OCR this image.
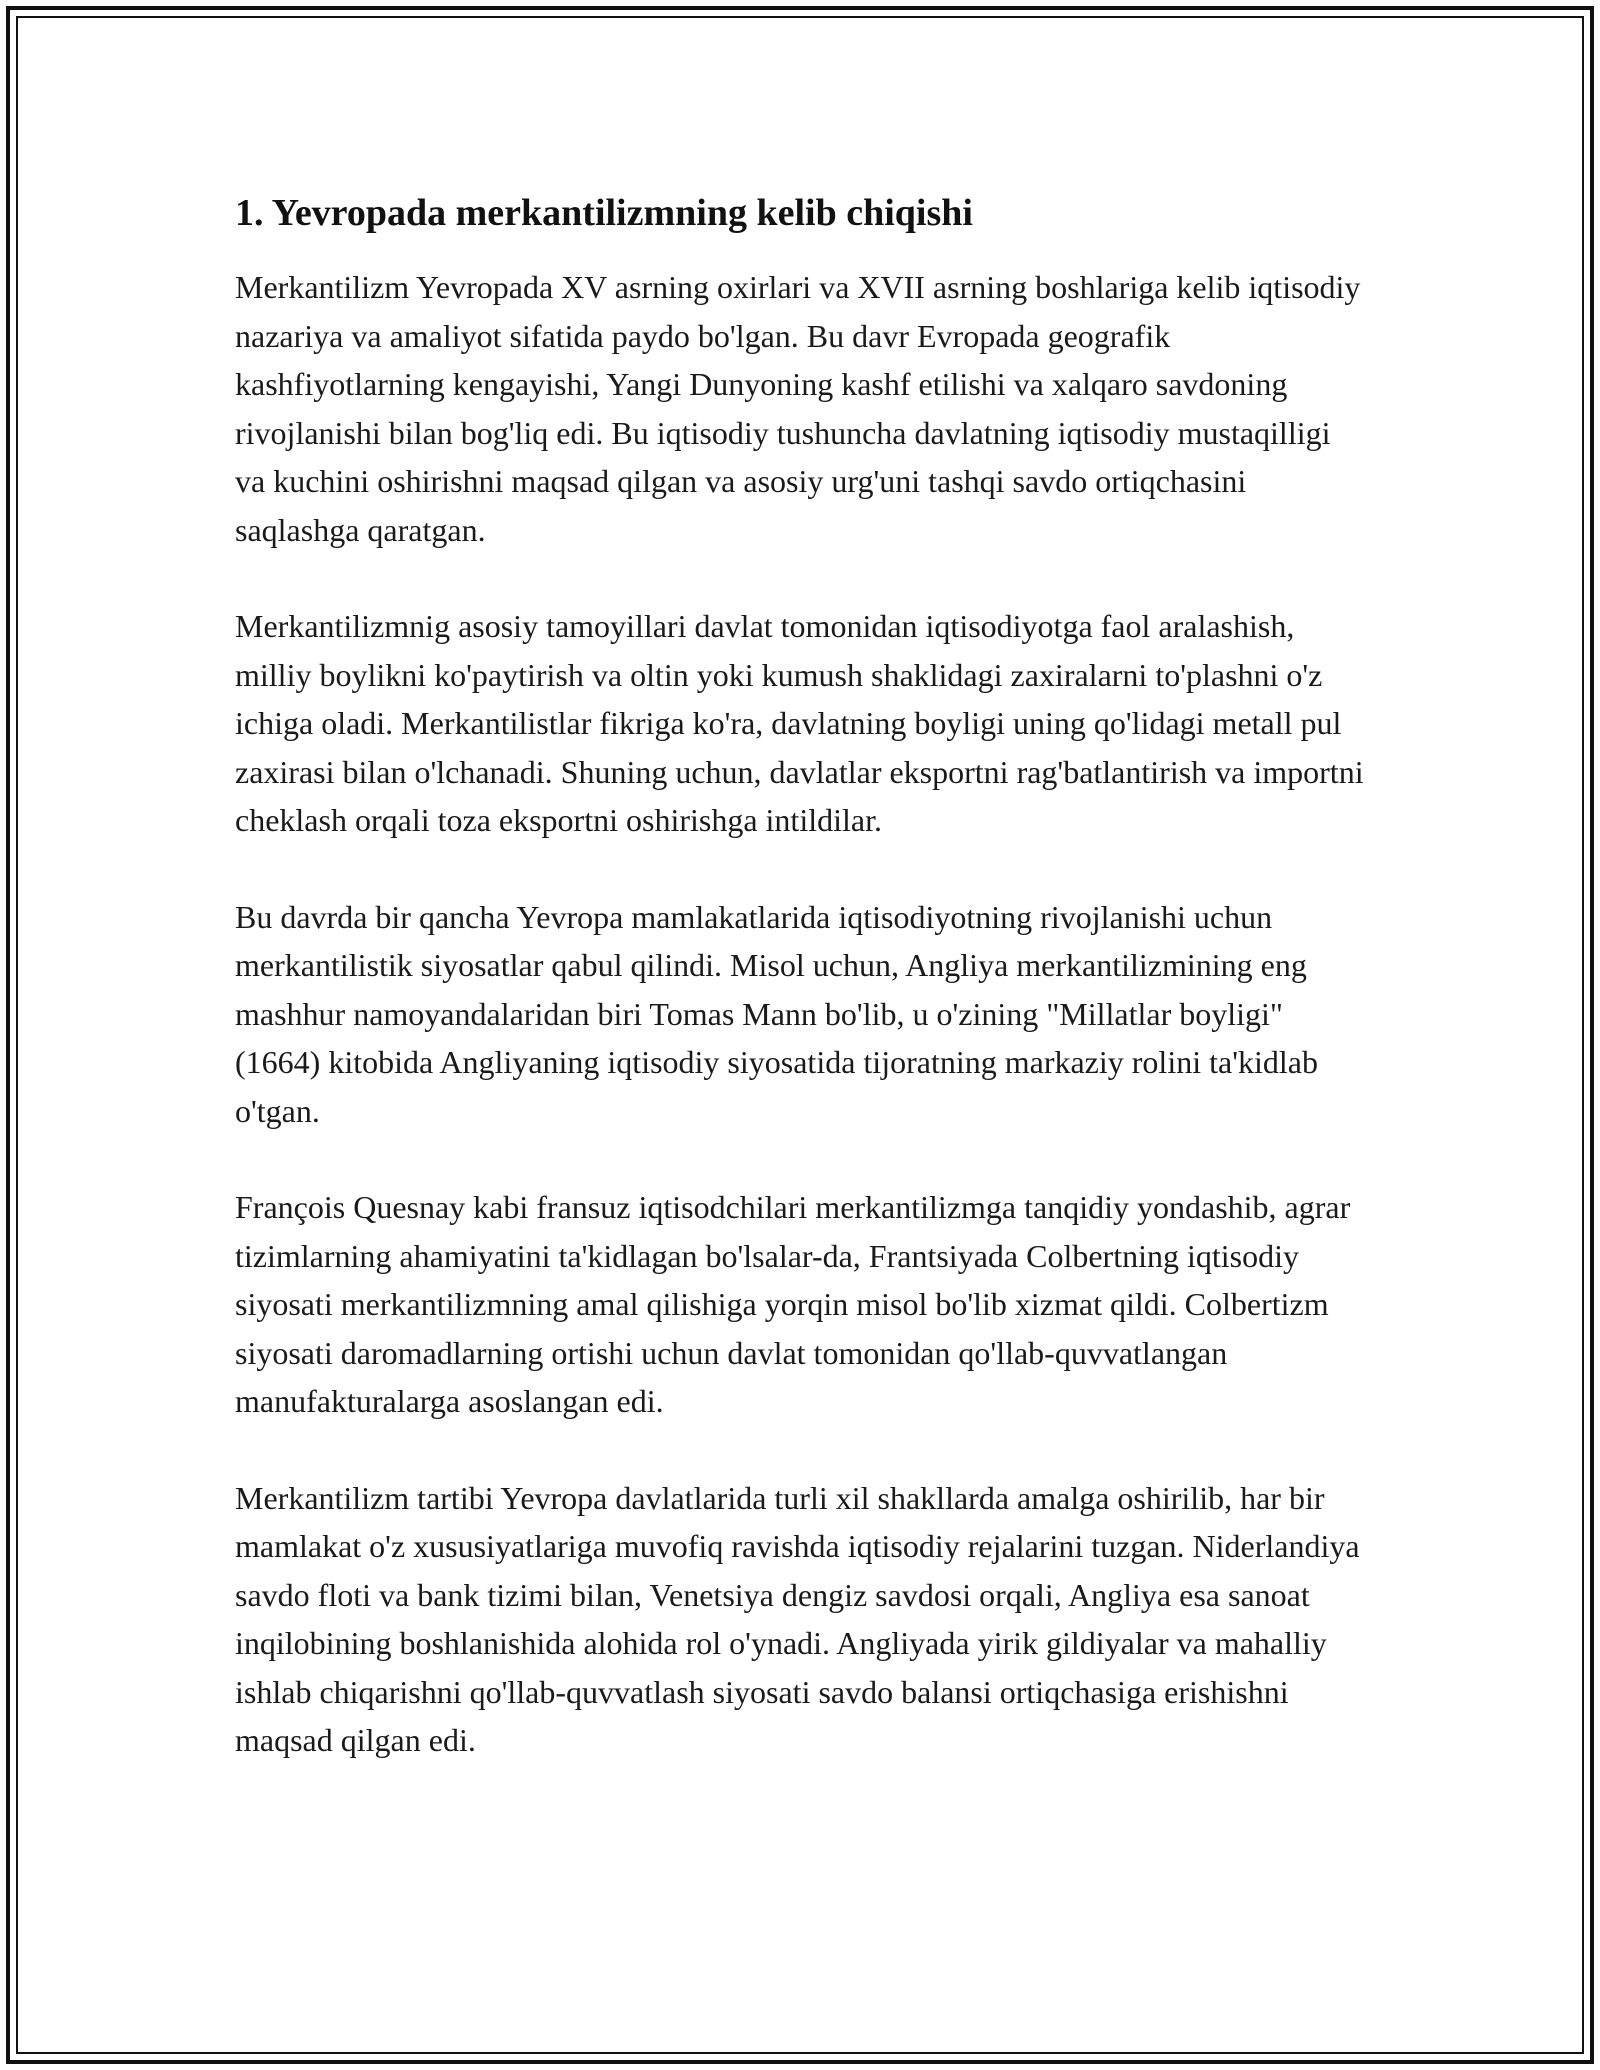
1. Yevropada merkantilizmning kelib chiqishi

Merkantilizm Yevropada XV asrning oxirlari va XVII asrning boshlariga kelib iqtisodiy nazariya va amaliyot sifatida paydo bo'lgan. Bu davr Evropada geografik kashfiyotlarning kengayishi, Yangi Dunyoning kashf etilishi va xalqaro savdoning rivojlanishi bilan bog'liq edi. Bu iqtisodiy tushuncha davlatning iqtisodiy mustaqilligi va kuchini oshirishni maqsad qilgan va asosiy urg'uni tashqi savdo ortiqchasini saqlashga qaratgan.

Merkantilizmnig asosiy tamoyillari davlat tomonidan iqtisodiyotga faol aralashish, milliy boylikni ko'paytirish va oltin yoki kumush shaklidagi zaxiralarni to'plashni o'z ichiga oladi. Merkantilistlar fikriga ko'ra, davlatning boyligi uning qo'lidagi metall pul zaxirasi bilan o'lchanadi. Shuning uchun, davlatlar eksportni rag'batlantirish va importni cheklash orqali toza eksportni oshirishga intildilar.

Bu davrda bir qancha Yevropa mamlakatlarida iqtisodiyotning rivojlanishi uchun merkantilistik siyosatlar qabul qilindi. Misol uchun, Angliya merkantilizmining eng mashhur namoyandalaridan biri Tomas Mann bo'lib, u o'zining "Millatlar boyligi" (1664) kitobida Angliyaning iqtisodiy siyosatida tijoratning markaziy rolini ta'kidlab o'tgan.

François Quesnay kabi fransuz iqtisodchilari merkantilizmga tanqidiy yondashib, agrar tizimlarning ahamiyatini ta'kidlagan bo'lsalar-da, Frantsiyada Colbertning iqtisodiy siyosati merkantilizmning amal qilishiga yorqin misol bo'lib xizmat qildi. Colbertizm siyosati daromadlarning ortishi uchun davlat tomonidan qo'llab-quvvatlangan manufakturalarga asoslangan edi.

Merkantilizm tartibi Yevropa davlatlarida turli xil shakllarda amalga oshirilib, har bir mamlakat o'z xususiyatlariga muvofiq ravishda iqtisodiy rejalarini tuzgan. Niderlandiya savdo floti va bank tizimi bilan, Venetsiya dengiz savdosi orqali, Angliya esa sanoat inqilobining boshlanishida alohida rol o'ynadi. Angliyada yirik gildiyalar va mahalliy ishlab chiqarishni qo'llab-quvvatlash siyosati savdo balansi ortiqchasiga erishishni maqsad qilgan edi.
